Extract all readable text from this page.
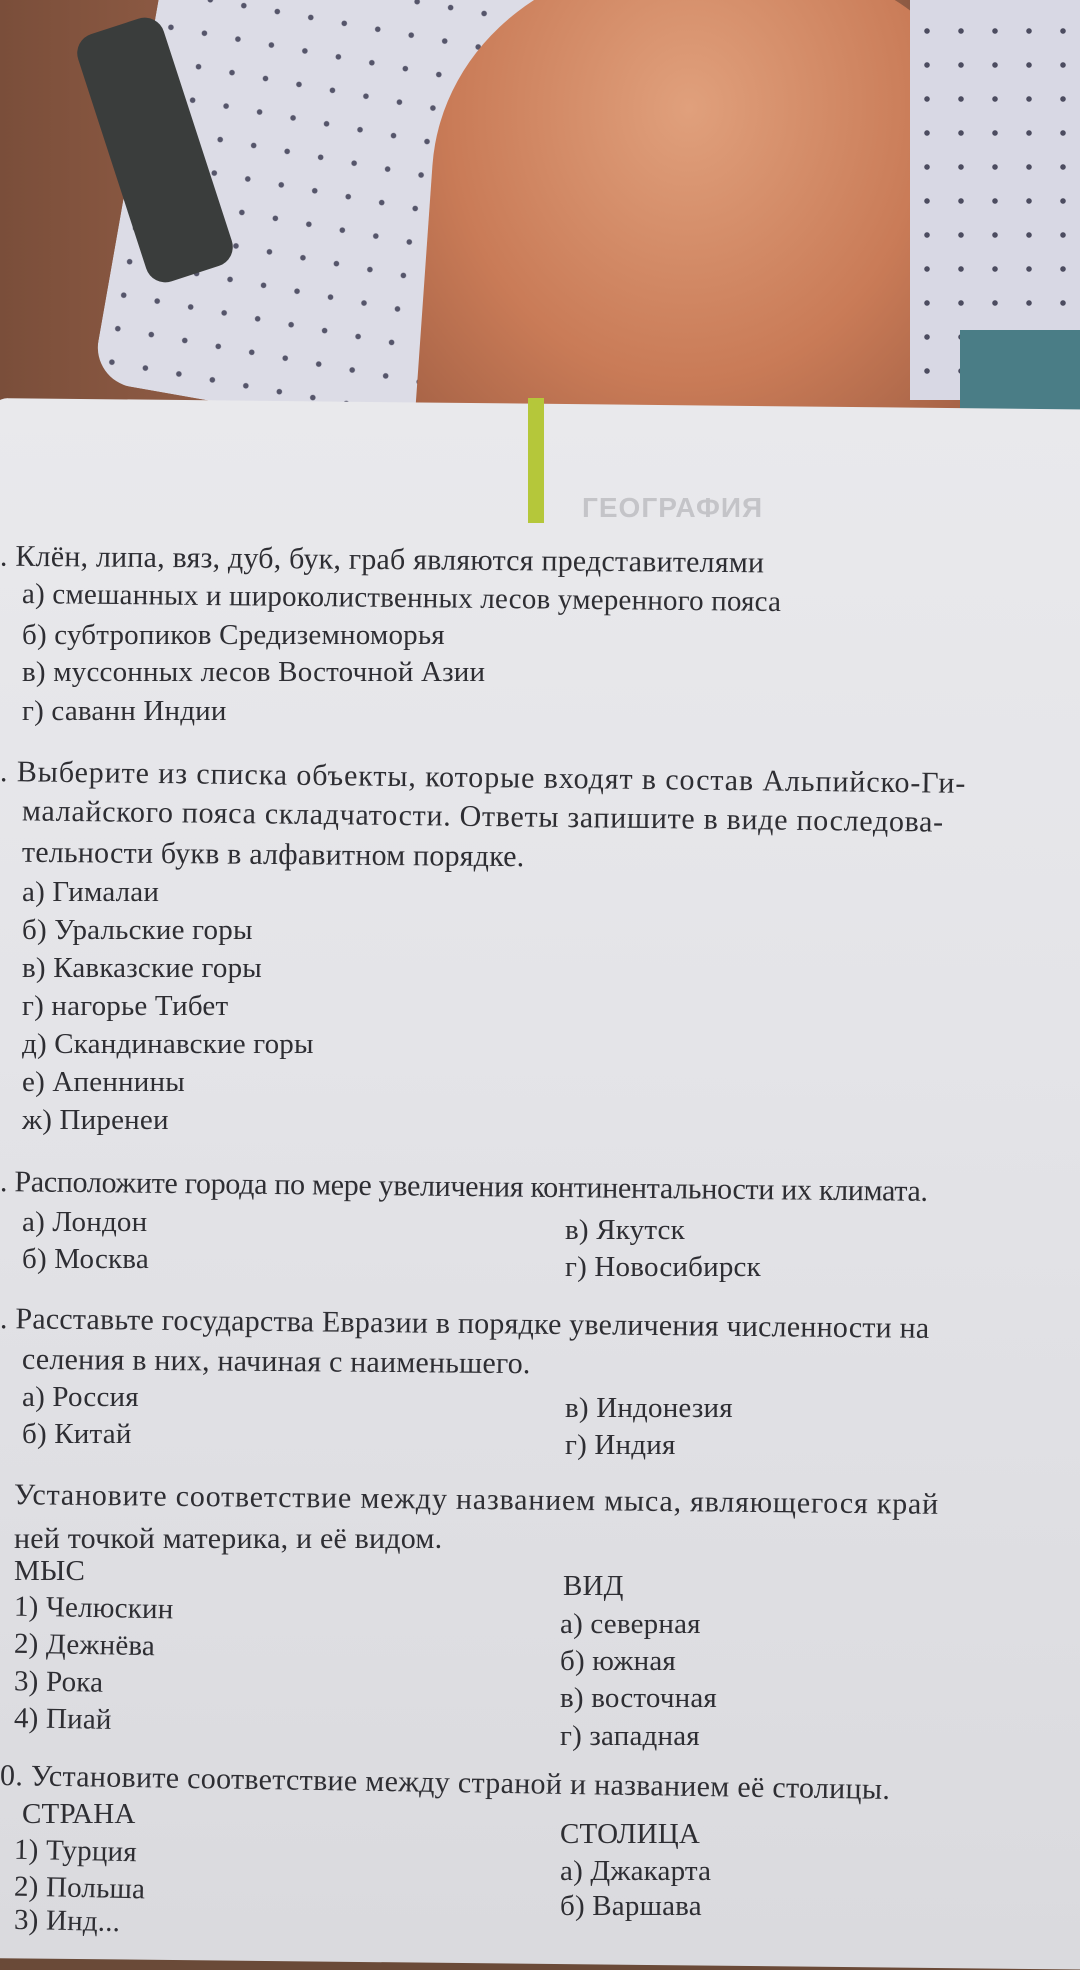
ГЕОГРАФИЯ
. Клён, липа, вяз, дуб, бук, граб являются представителями
а) смешанных и широколиственных лесов умеренного пояса
б) субтропиков Средиземноморья
в) муссонных лесов Восточной Азии
г) саванн Индии
. Выберите из списка объекты, которые входят в состав Альпийско-Ги-
малайского пояса складчатости. Ответы запишите в виде последова-
тельности букв в алфавитном порядке.
а) Гималаи
б) Уральские горы
в) Кавказские горы
г) нагорье Тибет
д) Скандинавские горы
е) Апеннины
ж) Пиренеи
. Расположите города по мере увеличения континентальности их климата.
а) Лондон
б) Москва
в) Якутск
г) Новосибирск
. Расставьте государства Евразии в порядке увеличения численности на
селения в них, начиная с наименьшего.
а) Россия
б) Китай
в) Индонезия
г) Индия
Установите соответствие между названием мыса, являющегося край
ней точкой материка, и её видом.
МЫС
1) Челюскин
2) Дежнёва
3) Рока
4) Пиай
ВИД
а) северная
б) южная
в) восточная
г) западная
0. Установите соответствие между страной и названием её столицы.
СТРАНА
1) Турция
2) Польша
3) Инд...
СТОЛИЦА
а) Джакарта
б) Варшава
